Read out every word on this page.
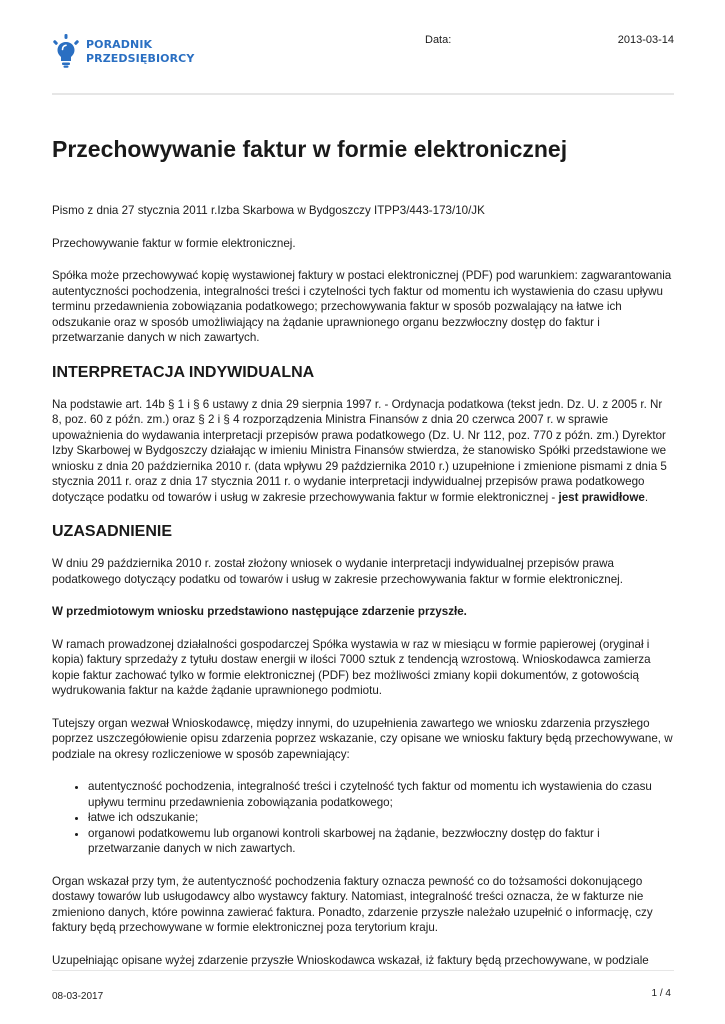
PORADNIK
PRZEDSIĘBIORCY
Data:	2013-03-14
Przechowywanie faktur w formie elektronicznej

Pismo z dnia 27 stycznia 2011 r.Izba Skarbowa w Bydgoszczy ITPP3/443-173/10/JK

Przechowywanie faktur w formie elektronicznej.

Spółka może przechowywać kopię wystawionej faktury w postaci elektronicznej (PDF) pod warunkiem: zagwarantowania autentyczności pochodzenia, integralności treści i czytelności tych faktur od momentu ich wystawienia do czasu upływu terminu przedawnienia zobowiązania podatkowego; przechowywania faktur w sposób pozwalający na łatwe ich odszukanie oraz w sposób umożliwiający na żądanie uprawnionego organu bezzwłoczny dostęp do faktur i przetwarzanie danych w nich zawartych.

INTERPRETACJA INDYWIDUALNA

Na podstawie art. 14b § 1 i § 6 ustawy z dnia 29 sierpnia 1997 r. - Ordynacja podatkowa (tekst jedn. Dz. U. z 2005 r. Nr 8, poz. 60 z późn. zm.) oraz § 2 i § 4 rozporządzenia Ministra Finansów z dnia 20 czerwca 2007 r. w sprawie upoważnienia do wydawania interpretacji przepisów prawa podatkowego (Dz. U. Nr 112, poz. 770 z późn. zm.) Dyrektor Izby Skarbowej w Bydgoszczy działając w imieniu Ministra Finansów stwierdza, że stanowisko Spółki przedstawione we wniosku z dnia 20 października 2010 r. (data wpływu 29 października 2010 r.) uzupełnione i zmienione pismami z dnia 5 stycznia 2011 r. oraz z dnia 17 stycznia 2011 r. o wydanie interpretacji indywidualnej przepisów prawa podatkowego dotyczące podatku od towarów i usług w zakresie przechowywania faktur w formie elektronicznej - jest prawidłowe.

UZASADNIENIE

W dniu 29 października 2010 r. został złożony wniosek o wydanie interpretacji indywidualnej przepisów prawa podatkowego dotyczący podatku od towarów i usług w zakresie przechowywania faktur w formie elektronicznej.

W przedmiotowym wniosku przedstawiono następujące zdarzenie przyszłe.

W ramach prowadzonej działalności gospodarczej Spółka wystawia w raz w miesiącu w formie papierowej (oryginał i kopia) faktury sprzedaży z tytułu dostaw energii w ilości 7000 sztuk z tendencją wzrostową. Wnioskodawca zamierza kopie faktur zachować tylko w formie elektronicznej (PDF) bez możliwości zmiany kopii dokumentów, z gotowością wydrukowania faktur na każde żądanie uprawnionego podmiotu.

Tutejszy organ wezwał Wnioskodawcę, między innymi, do uzupełnienia zawartego we wniosku zdarzenia przyszłego poprzez uszczegółowienie opisu zdarzenia poprzez wskazanie, czy opisane we wniosku faktury będą przechowywane, w podziale na okresy rozliczeniowe w sposób zapewniający:

• autentyczność pochodzenia, integralność treści i czytelność tych faktur od momentu ich wystawienia do czasu upływu terminu przedawnienia zobowiązania podatkowego;
• łatwe ich odszukanie;
• organowi podatkowemu lub organowi kontroli skarbowej na żądanie, bezzwłoczny dostęp do faktur i przetwarzanie danych w nich zawartych.

Organ wskazał przy tym, że autentyczność pochodzenia faktury oznacza pewność co do tożsamości dokonującego dostawy towarów lub usługodawcy albo wystawcy faktury. Natomiast, integralność treści oznacza, że w fakturze nie zmieniono danych, które powinna zawierać faktura. Ponadto, zdarzenie przyszłe należało uzupełnić o informację, czy faktury będą przechowywane w formie elektronicznej poza terytorium kraju.

Uzupełniając opisane wyżej zdarzenie przyszłe Wnioskodawca wskazał, iż faktury będą przechowywane, w podziale

08-03-2017	1 / 4
